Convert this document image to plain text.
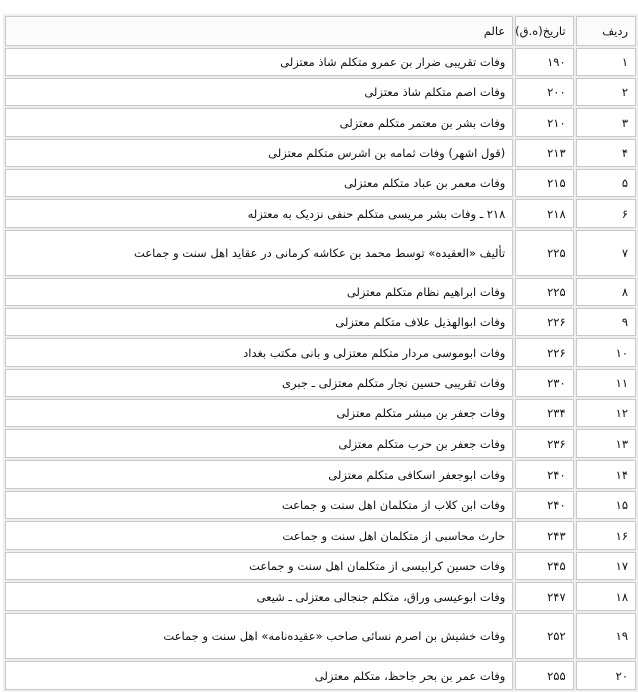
ردیف	تاریخ(ه.ق)	عالم
۱	۱۹۰	وفات تقریبی ضرار بن عمرو متکلم شاذ معتزلی
۲	۲۰۰	وفات اصم متکلم شاذ معتزلی
۳	۲۱۰	وفات بشر بن معتمر متکلم معتزلی
۴	۲۱۳	(قول اشهر) وفات ثمامه بن اشرس متکلم معتزلی
۵	۲۱۵	وفات معمر بن عباد متکلم معتزلی
۶	۲۱۸	۲۱۸ ـ وفات بشر مریسی متکلم حنفی نزدیک به معتزله
۷	۲۲۵	تألیف «العقیده» توسط محمد بن عکاشه کرمانی در عقاید اهل سنت و جماعت
۸	۲۲۵	وفات ابراهیم نظام متکلم معتزلی
۹	۲۲۶	وفات ابوالهذیل علاف متکلم معتزلی
۱۰	۲۲۶	وفات ابوموسی مردار متکلم معتزلی و بانی مکتب بغداد
۱۱	۲۳۰	وفات تقریبی حسین نجار متکلم معتزلی ـ جبری
۱۲	۲۳۴	وفات جعفر بن مبشر متکلم معتزلی
۱۳	۲۳۶	وفات جعفر بن حرب متکلم معتزلی
۱۴	۲۴۰	وفات ابوجعفر اسکافی متکلم معتزلی
۱۵	۲۴۰	وفات ابن کلاب از متکلمان اهل سنت و جماعت
۱۶	۲۴۳	حارث محاسبی از متکلمان اهل سنت و جماعت
۱۷	۲۴۵	وفات حسین کرابیسی از متکلمان اهل سنت و جماعت
۱۸	۲۴۷	وفات ابوعیسی وراق، متکلم جنجالی معتزلی ـ شیعی
۱۹	۲۵۲	وفات خشیش بن اصرم نسائی صاحب «عقیده‌نامه» اهل سنت و جماعت
۲۰	۲۵۵	وفات عمر بن بحر جاحظ، متکلم معتزلی
